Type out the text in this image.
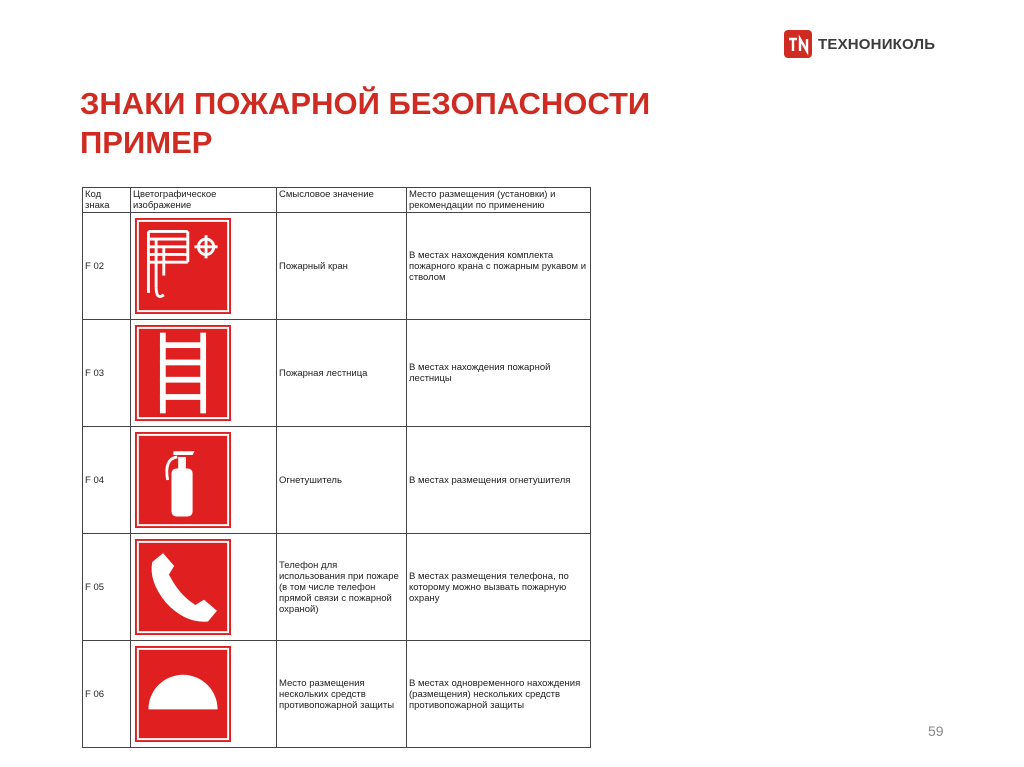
ТЕХНОНИКОЛЬ
ЗНАКИ ПОЖАРНОЙ БЕЗОПАСНОСТИ
ПРИМЕР
Код знака	Цветографическое изображение	Смысловое значение	Место размещения (установки) и рекомендации по применению
F 02		Пожарный кран	В местах нахождения комплекта пожарного крана с пожарным рукавом и стволом
F 03		Пожарная лестница	В местах нахождения пожарной лестницы
F 04		Огнетушитель	В местах размещения огнетушителя
F 05		Телефон для использования при пожаре (в том числе телефон прямой связи с пожарной охраной)	В местах размещения телефона, по которому можно вызвать пожарную охрану
F 06		Место размещения нескольких средств противопожарной защиты	В местах одновременного нахождения (размещения) нескольких средств противопожарной защиты
59
